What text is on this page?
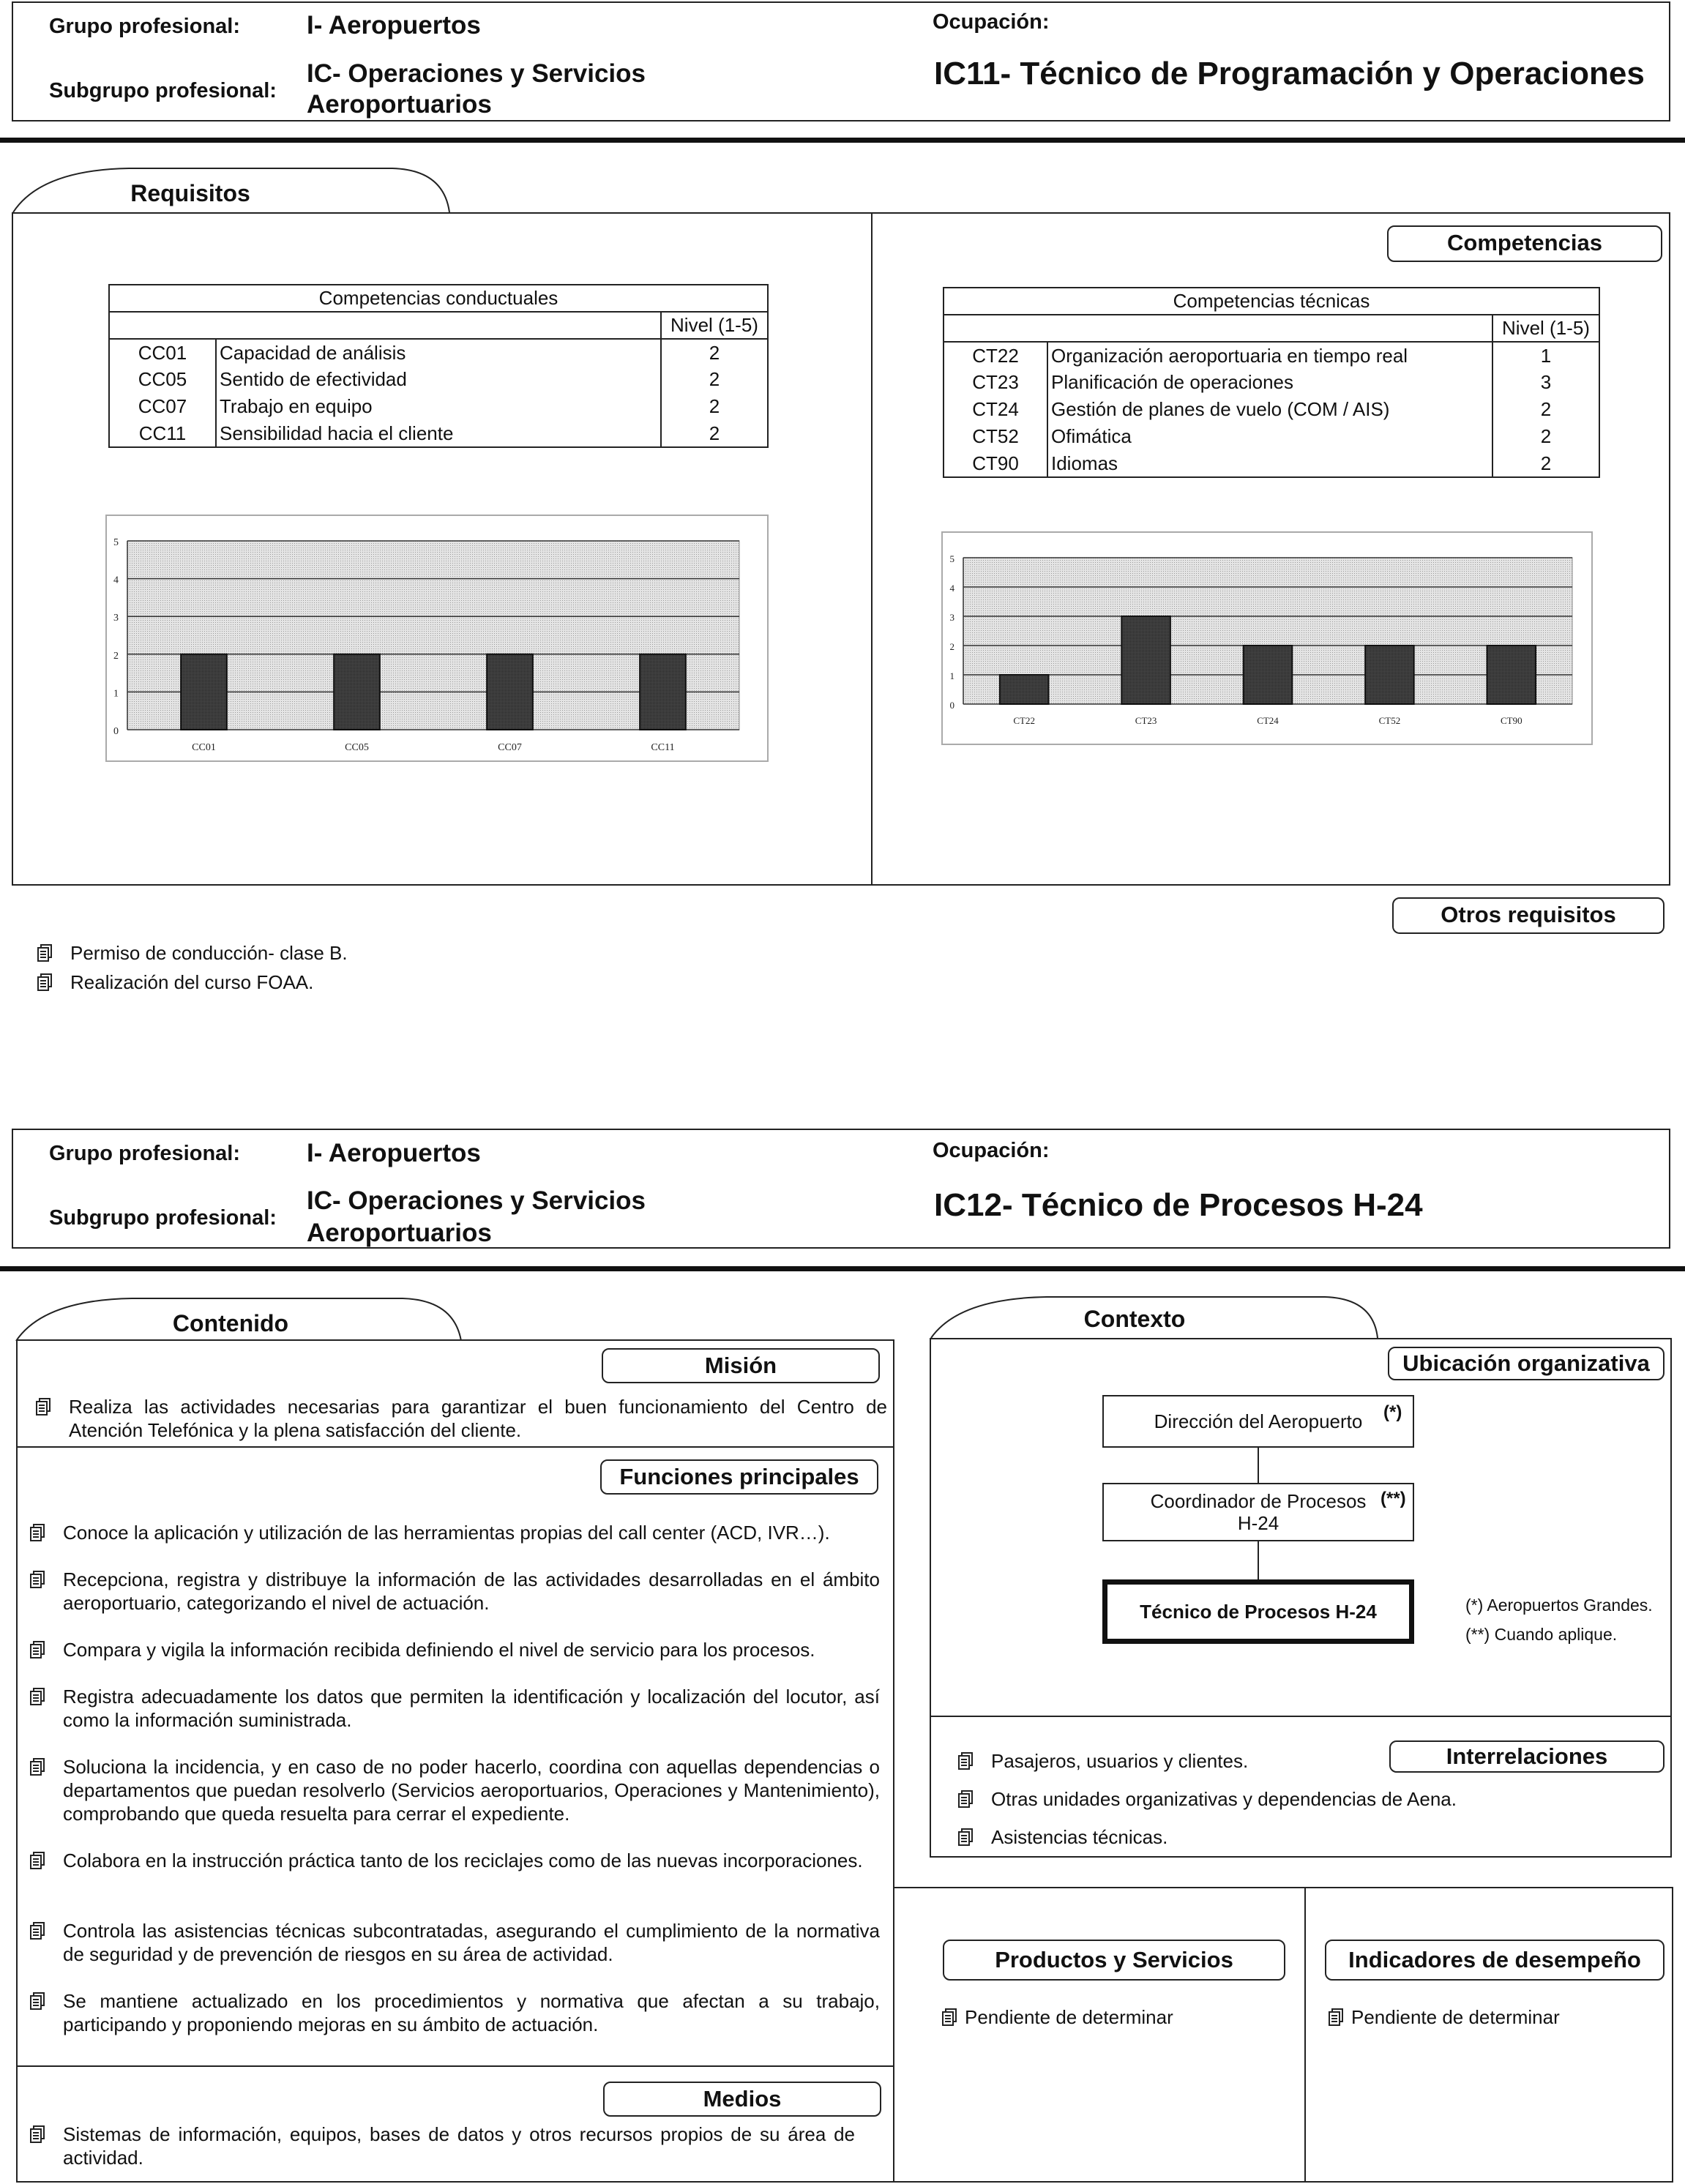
Grupo profesional:	I- Aeropuertos
Subgrupo profesional:
IC- Operaciones y Servicios
Aeroportuarios
Ocupación:
IC11- Técnico de Programación y Operaciones
Requisitos
Competencias
Competencias conductuales		
		Nivel (1-5)
CC01	Capacidad de análisis	2
CC05	Sentido de efectividad	2
CC07	Trabajo en equipo	2
CC11	Sensibilidad hacia el cliente	2
Competencias técnicas		
		Nivel (1-5)
CT22	Organización aeroportuaria en tiempo real	1
CT23	Planificación de operaciones	3
CT24	Gestión de planes de vuelo (COM / AIS)	2
CT52	Ofimática	2
CT90	Idiomas	2
0
1
2
3
4
5
CC01	CC05	CC07	CC11
0
1
2
3
4
5
CT22	CT23	CT24	CT52	CT90
Otros requisitos
Permiso de conducción- clase B.
Realización del curso FOAA.
Grupo profesional:	I- Aeropuertos
Subgrupo profesional:
IC- Operaciones y Servicios
Aeroportuarios
Ocupación:
IC12- Técnico de Procesos H-24
Contenido
Misión
Realiza las actividades necesarias para garantizar el buen funcionamiento del Centro de Atención Telefónica y la plena satisfacción del cliente.
Funciones principales
Conoce la aplicación y utilización de las herramientas propias del call center (ACD, IVR…).
Recepciona, registra y distribuye la información de las actividades desarrolladas en el ámbito aeroportuario, categorizando el nivel de actuación.
Compara y vigila la información recibida definiendo el nivel de servicio para los procesos.
Registra adecuadamente los datos que permiten la identificación y localización del locutor, así como la información suministrada.
Soluciona la incidencia, y en caso de no poder hacerlo, coordina con aquellas dependencias o departamentos que puedan resolverlo (Servicios aeroportuarios, Operaciones y Mantenimiento), comprobando que queda resuelta para cerrar el expediente.
Colabora en la instrucción práctica tanto de los reciclajes como de las nuevas incorporaciones.
Controla las asistencias técnicas subcontratadas, asegurando el cumplimiento de la normativa de seguridad y de prevención de riesgos en su área de actividad.
Se mantiene actualizado en los procedimientos y normativa que afectan a su trabajo, participando y proponiendo mejoras en su ámbito de actuación.
Medios
Sistemas de información, equipos, bases de datos y otros recursos propios de su área de actividad.
Contexto
Ubicación organizativa
Dirección del Aeropuerto (*)
Coordinador de Procesos
H-24
(**)
Técnico de Procesos H-24	(*) Aeropuertos Grandes.
(**) Cuando aplique.
Interrelaciones
Pasajeros, usuarios y clientes.
Otras unidades organizativas y dependencias de Aena.
Asistencias técnicas.
Productos y Servicios
Pendiente de determinar
Indicadores de desempeño
Pendiente de determinar
